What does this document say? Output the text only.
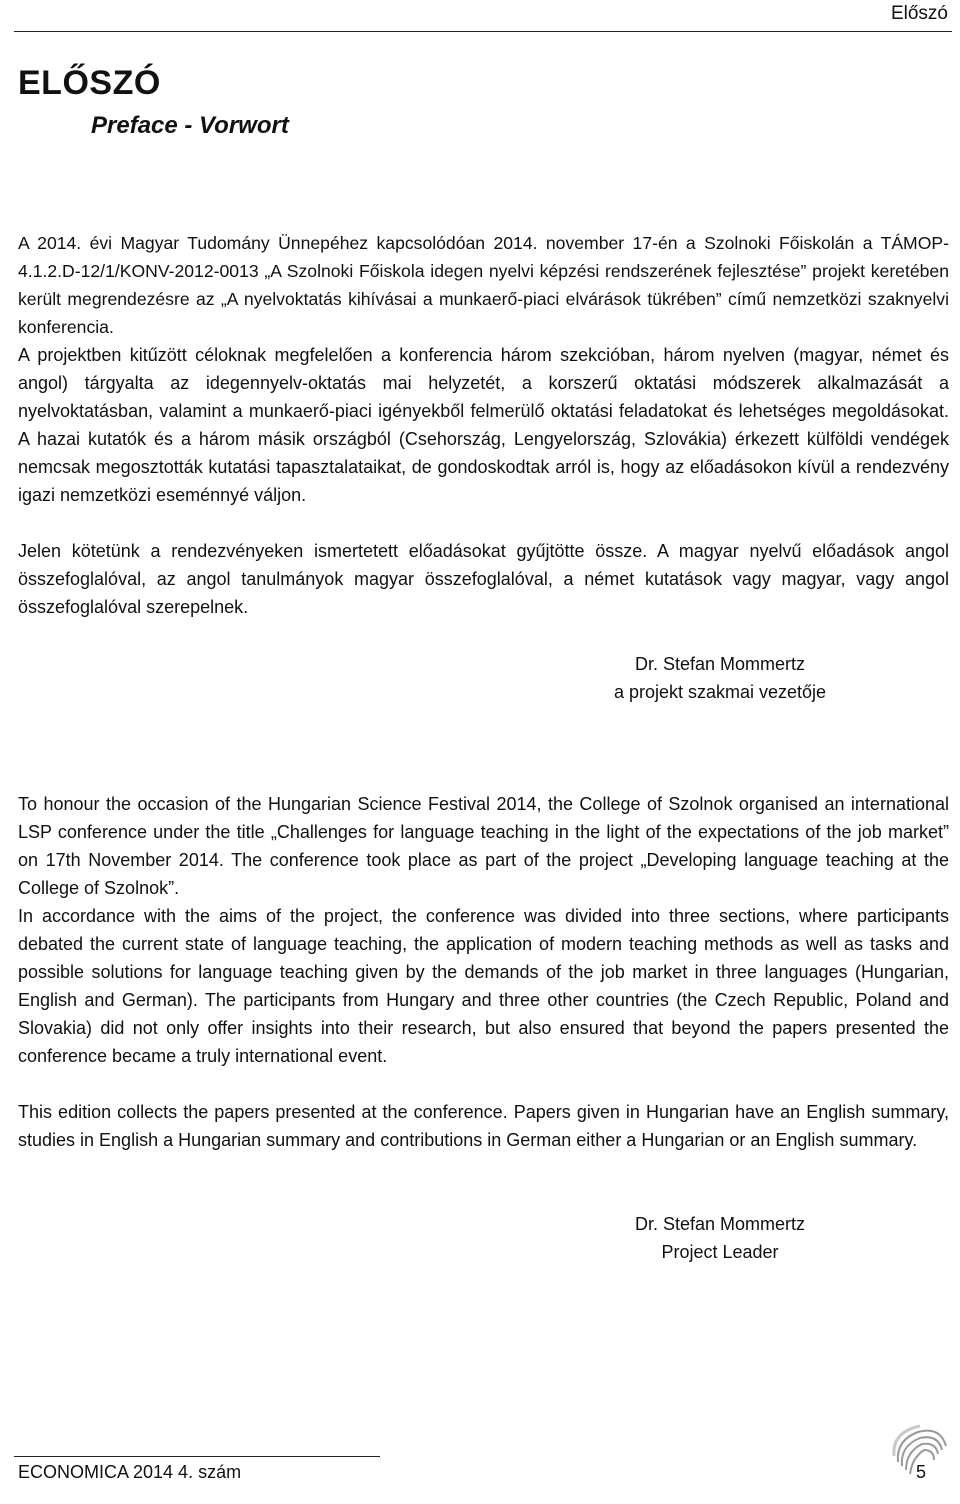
Előszó
ELŐSZÓ
Preface - Vorwort

A 2014. évi Magyar Tudomány Ünnepéhez kapcsolódóan 2014. november 17-én a Szolnoki Főiskolán a TÁMOP-4.1.2.D-12/1/KONV-2012-0013 „A Szolnoki Főiskola idegen nyelvi képzési rendszerének fejlesztése” projekt keretében került megrendezésre az „A nyelvoktatás kihívásai a munkaerő-piaci elvárások tükrében” című nemzetközi szaknyelvi konferencia.

A projektben kitűzött céloknak megfelelően a konferencia három szekcióban, három nyelven (magyar, német és angol) tárgyalta az idegennyelv-oktatás mai helyzetét, a korszerű oktatási módszerek alkalmazását a nyelvoktatásban, valamint a munkaerő-piaci igényekből felmerülő oktatási feladatokat és lehetséges megoldásokat. A hazai kutatók és a három másik országból (Csehország, Lengyelország, Szlovákia) érkezett külföldi vendégek nemcsak megosztották kutatási tapasztalataikat, de gondoskodtak arról is, hogy az előadásokon kívül a rendezvény igazi nemzetközi eseménnyé váljon.

Jelen kötetünk a rendezvényeken ismertetett előadásokat gyűjtötte össze. A magyar nyelvű előadások angol összefoglalóval, az angol tanulmányok magyar összefoglalóval, a német kutatások vagy magyar, vagy angol összefoglalóval szerepelnek.

Dr. Stefan Mommertz
a projekt szakmai vezetője

To honour the occasion of the Hungarian Science Festival 2014, the College of Szolnok organised an international LSP conference under the title „Challenges for language teaching in the light of the expectations of the job market” on 17th November 2014. The conference took place as part of the project „Developing language teaching at the College of Szolnok”.

In accordance with the aims of the project, the conference was divided into three sections, where participants debated the current state of language teaching, the application of modern teaching methods as well as tasks and possible solutions for language teaching given by the demands of the job market in three languages (Hungarian, English and German). The participants from Hungary and three other countries (the Czech Republic, Poland and Slovakia) did not only offer insights into their research, but also ensured that beyond the papers presented the conference became a truly international event.

This edition collects the papers presented at the conference. Papers given in Hungarian have an English summary, studies in English a Hungarian summary and contributions in German either a Hungarian or an English summary.

Dr. Stefan Mommertz
Project Leader
ECONOMICA 2014 4. szám	5
